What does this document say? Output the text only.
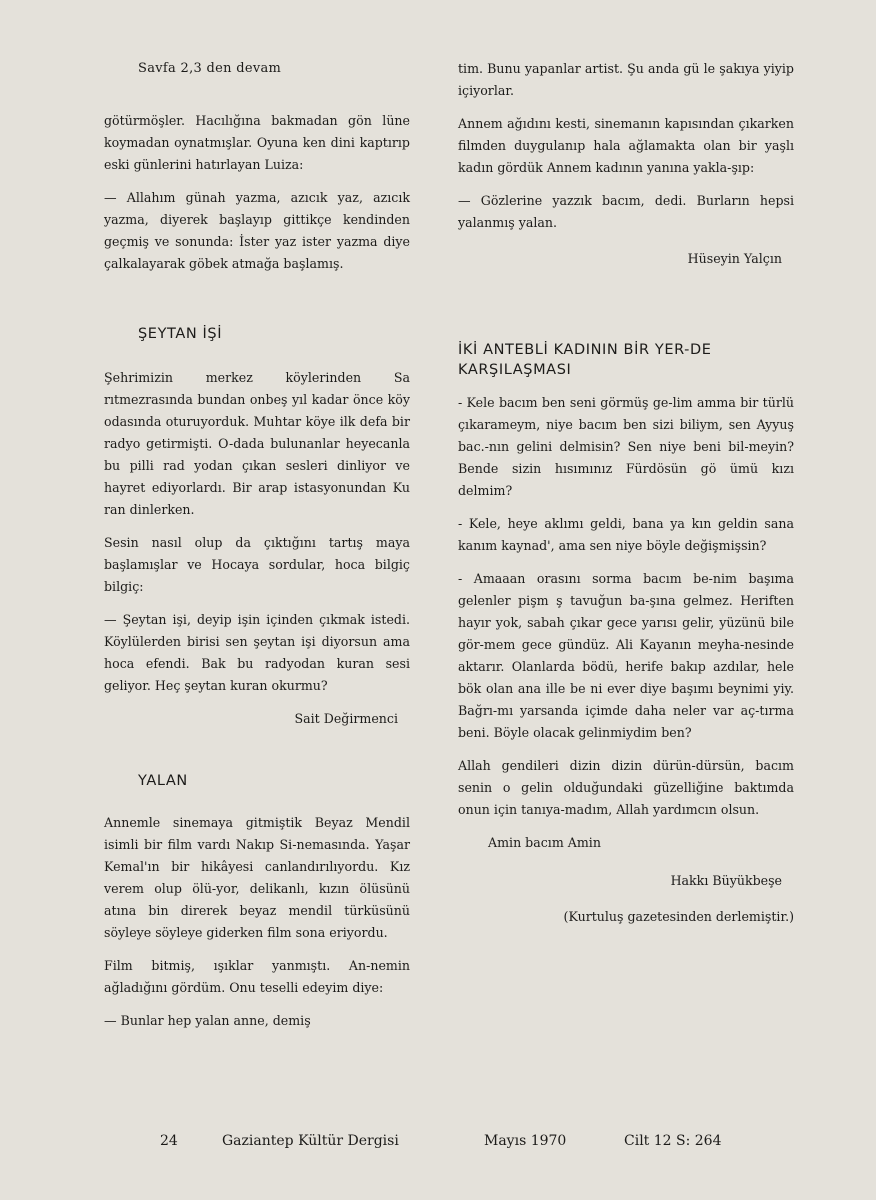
Savfa 2,3 den devam

götürmöşler. Hacılığına bakmadan gön lüne koymadan oynatmışlar. Oyuna ken dini kaptırıp eski günlerini hatırlayan Luiza:

— Allahım günah yazma, azıcık yaz, azıcık yazma, diyerek başlayıp gittikçe kendinden geçmiş ve sonunda: İster yaz ister yazma diye çalkalayarak göbek atmağa başlamış.

ŞEYTAN İŞİ

Şehrimizin merkez köylerinden Sa rıtmezrasında bundan onbeş yıl kadar önce köy odasında oturuyorduk. Muhtar köye ilk defa bir radyo getirmişti. O-dada bulunanlar heyecanla bu pilli rad yodan çıkan sesleri dinliyor ve hayret ediyorlardı. Bir arap istasyonundan Ku ran dinlerken.

Sesin nasıl olup da çıktığını tartış maya başlamışlar ve Hocaya sordular, hoca bilgiç bilgiç:

— Şeytan işi, deyip işin içinden çıkmak istedi. Köylülerden birisi sen şeytan işi diyorsun ama hoca efendi. Bak bu radyodan kuran sesi geliyor. Heç şeytan kuran okurmu?

Sait Değirmenci
YALAN

Annemle sinemaya gitmiştik Beyaz Mendil isimli bir film vardı Nakıp Si-nemasında. Yaşar Kemal'ın bir hikâyesi canlandırılıyordu. Kız verem olup ölü-yor, delikanlı, kızın ölüsünü atına bin direrek beyaz mendil türküsünü söyleye söyleye giderken film sona eriyordu.

Film bitmiş, ışıklar yanmıştı. An-nemin ağladığını gördüm. Onu teselli edeyim diye:

— Bunlar hep yalan anne, demiş

tim. Bunu yapanlar artist. Şu anda gü le şakıya yiyip içiyorlar.

Annem ağıdını kesti, sinemanın kapısından çıkarken filmden duygulanıp hala ağlamakta olan bir yaşlı kadın gördük Annem kadının yanına yakla-şıp:

— Gözlerine yazzık bacım, dedi. Burların hepsi yalanmış yalan.

Hüseyin Yalçın
İKİ ANTEBLİ KADININ BİR YER-DE KARŞILAŞMASI

- Kele bacım ben seni görmüş ge-lim amma bir türlü çıkarameym, niye bacım ben sizi biliym, sen Ayyuş bac.-nın gelini delmisin? Sen niye beni bil-meyin? Bende sizin hısımınız Fürdösün gö ümü kızı delmim?

- Kele, heye aklımı geldi, bana ya kın geldin sana kanım kaynad', ama sen niye böyle değişmişsin?

- Amaaan orasını sorma bacım be-nim başıma gelenler pişm ş tavuğun ba-şına gelmez. Heriften hayır yok, sabah çıkar gece yarısı gelir, yüzünü bile gör-mem gece gündüz. Ali Kayanın meyha-nesinde aktarır. Olanlarda bödü, herife bakıp azdılar, hele bök olan ana ille be ni ever diye başımı beynimi yiy. Bağrı-mı yarsanda içimde daha neler var aç-tırma beni. Böyle olacak gelinmiydim ben?

Allah gendileri dizin dizin dürün-dürsün, bacım senin o gelin olduğundaki güzelliğine baktımda onun için tanıya-madım, Allah yardımcın olsun.

Amin bacım Amin
Hakkı Büyükbeşe
(Kurtuluş gazetesinden derlemiştir.)
24	Gaziantep Kültür Dergisi	Mayıs 1970	Cilt 12 S: 264
